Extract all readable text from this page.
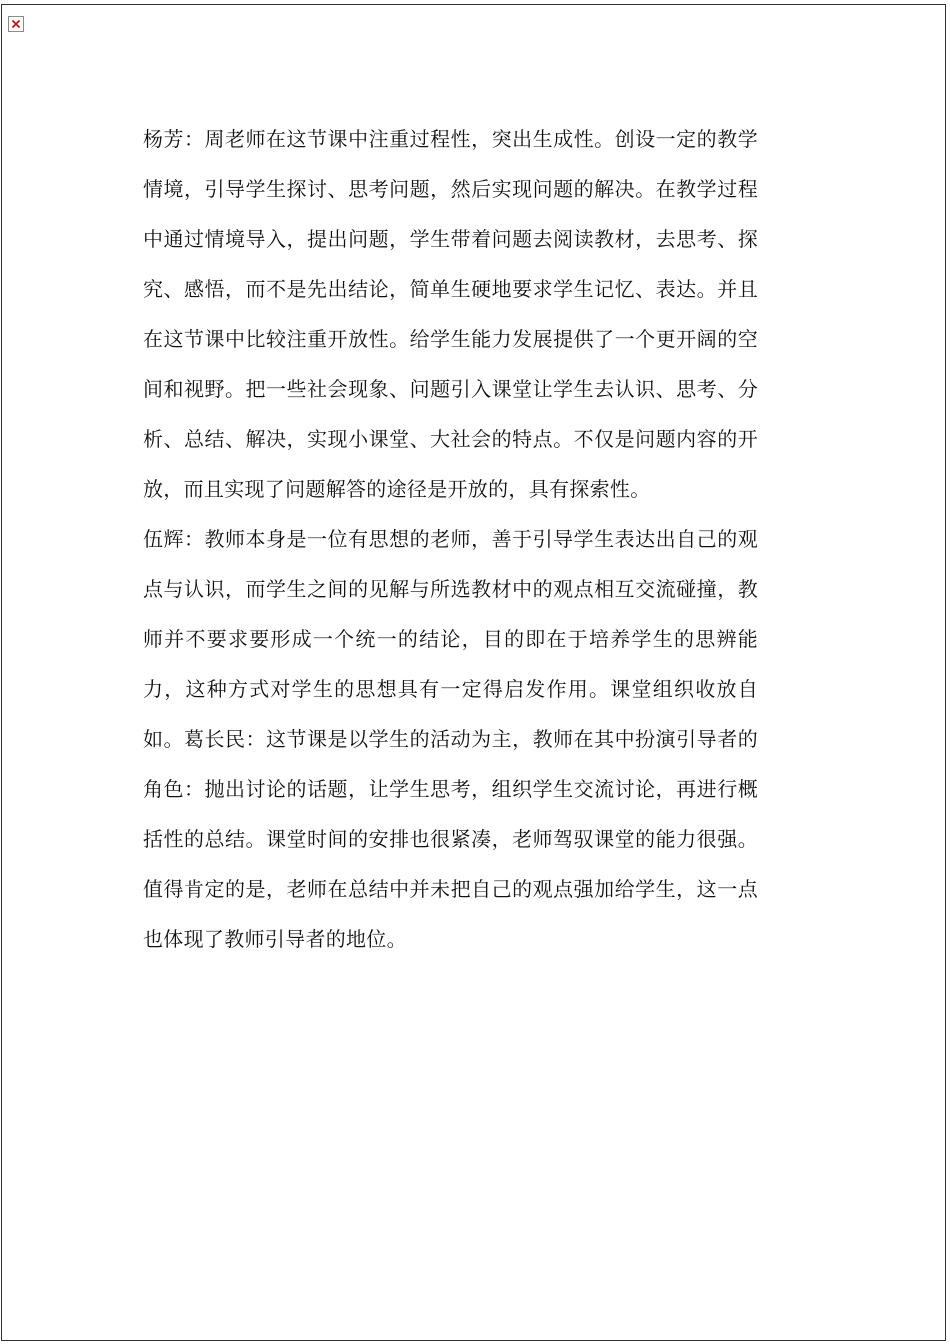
杨芳：周老师在这节课中注重过程性，突出生成性。创设一定的教学情境，引导学生探讨、思考问题，然后实现问题的解决。在教学过程中通过情境导入，提出问题，学生带着问题去阅读教材，去思考、探究、感悟，而不是先出结论，简单生硬地要求学生记忆、表达。并且在这节课中比较注重开放性。给学生能力发展提供了一个更开阔的空间和视野。把一些社会现象、问题引入课堂让学生去认识、思考、分析、总结、解决，实现小课堂、大社会的特点。不仅是问题内容的开放，而且实现了问题解答的途径是开放的，具有探索性。

伍辉：教师本身是一位有思想的老师，善于引导学生表达出自己的观点与认识，而学生之间的见解与所选教材中的观点相互交流碰撞，教师并不要求要形成一个统一的结论，目的即在于培养学生的思辨能力，这种方式对学生的思想具有一定得启发作用。课堂组织收放自如。葛长民：这节课是以学生的活动为主，教师在其中扮演引导者的角色：抛出讨论的话题，让学生思考，组织学生交流讨论，再进行概括性的总结。课堂时间的安排也很紧凑，老师驾驭课堂的能力很强。值得肯定的是，老师在总结中并未把自己的观点强加给学生，这一点也体现了教师引导者的地位。
